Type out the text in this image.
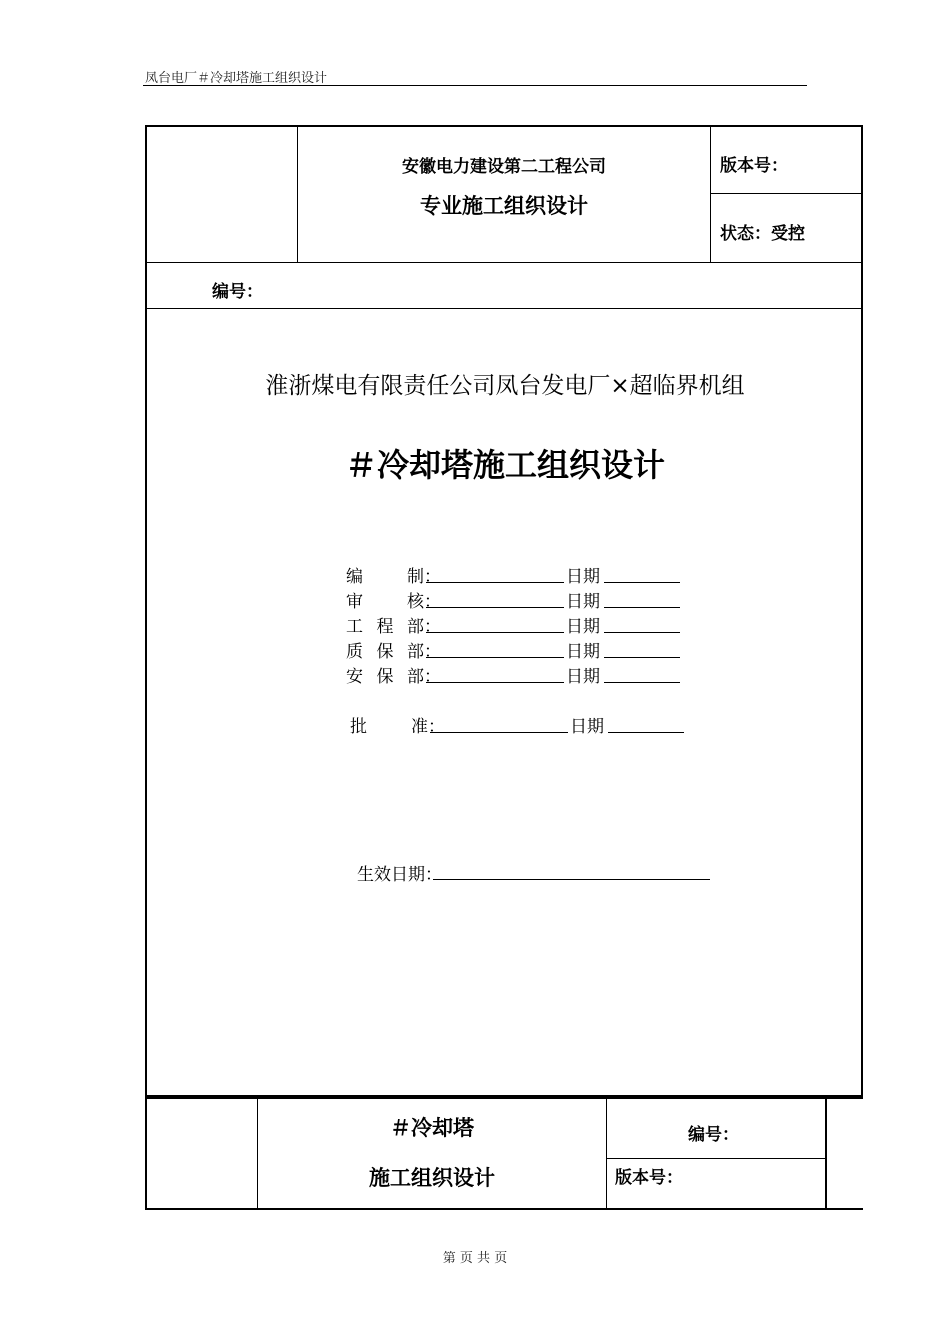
凤台电厂＃冷却塔施工组织设计
安徽电力建设第二工程公司
专业施工组织设计
版本号：
状态：受控
编号：
淮浙煤电有限责任公司凤台发电厂×超临界机组
＃冷却塔施工组织设计
编	制 ：	日期
审	核 ：	日期
工 程 部 ：	日期
质 保 部 ：	日期
安 保 部 ：	日期
批	准 ：	日期
生效日期：
＃冷却塔
施工组织设计
编号：
版本号：
第 页 共 页
